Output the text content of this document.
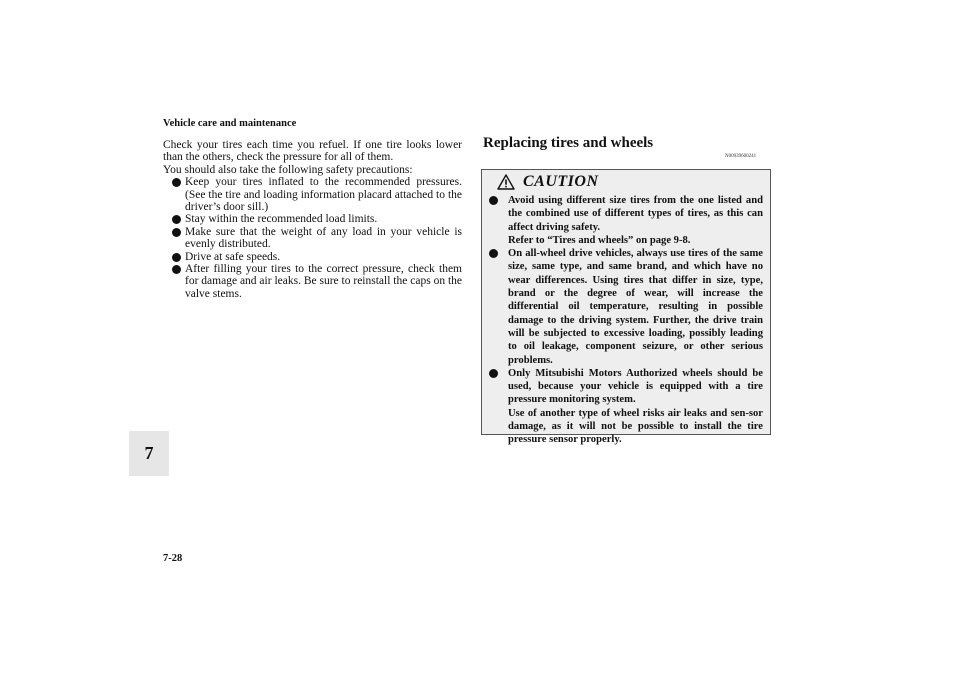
Vehicle care and maintenance

Check your tires each time you refuel. If one tire looks lower than the others, check the pressure for all of them.

You should also take the following safety precautions:

Keep your tires inflated to the recommended pressures. (See the tire and loading information placard attached to the driver’s door sill.)
Stay within the recommended load limits.
Make sure that the weight of any load in your vehicle is evenly distributed.
Drive at safe speeds.
After filling your tires to the correct pressure, check them for damage and air leaks. Be sure to reinstall the caps on the valve stems.
Replacing tires and wheels
N00939600241
CAUTION
Avoid using different size tires from the one listed and the combined use of different types of tires, as this can affect driving safety.
Refer to “Tires and wheels” on page 9-8.
On all-wheel drive vehicles, always use tires of the same size, same type, and same brand, and which have no wear differences. Using tires that differ in size, type, brand or the degree of wear, will increase the differential oil temperature, resulting in possible damage to the driving system. Further, the drive train will be subjected to excessive loading, possibly leading to oil leakage, component seizure, or other serious problems.
Only Mitsubishi Motors Authorized wheels should be used, because your vehicle is equipped with a tire pressure monitoring system.
Use of another type of wheel risks air leaks and sen-sor damage, as it will not be possible to install the tire pressure sensor properly.
7
7-28
